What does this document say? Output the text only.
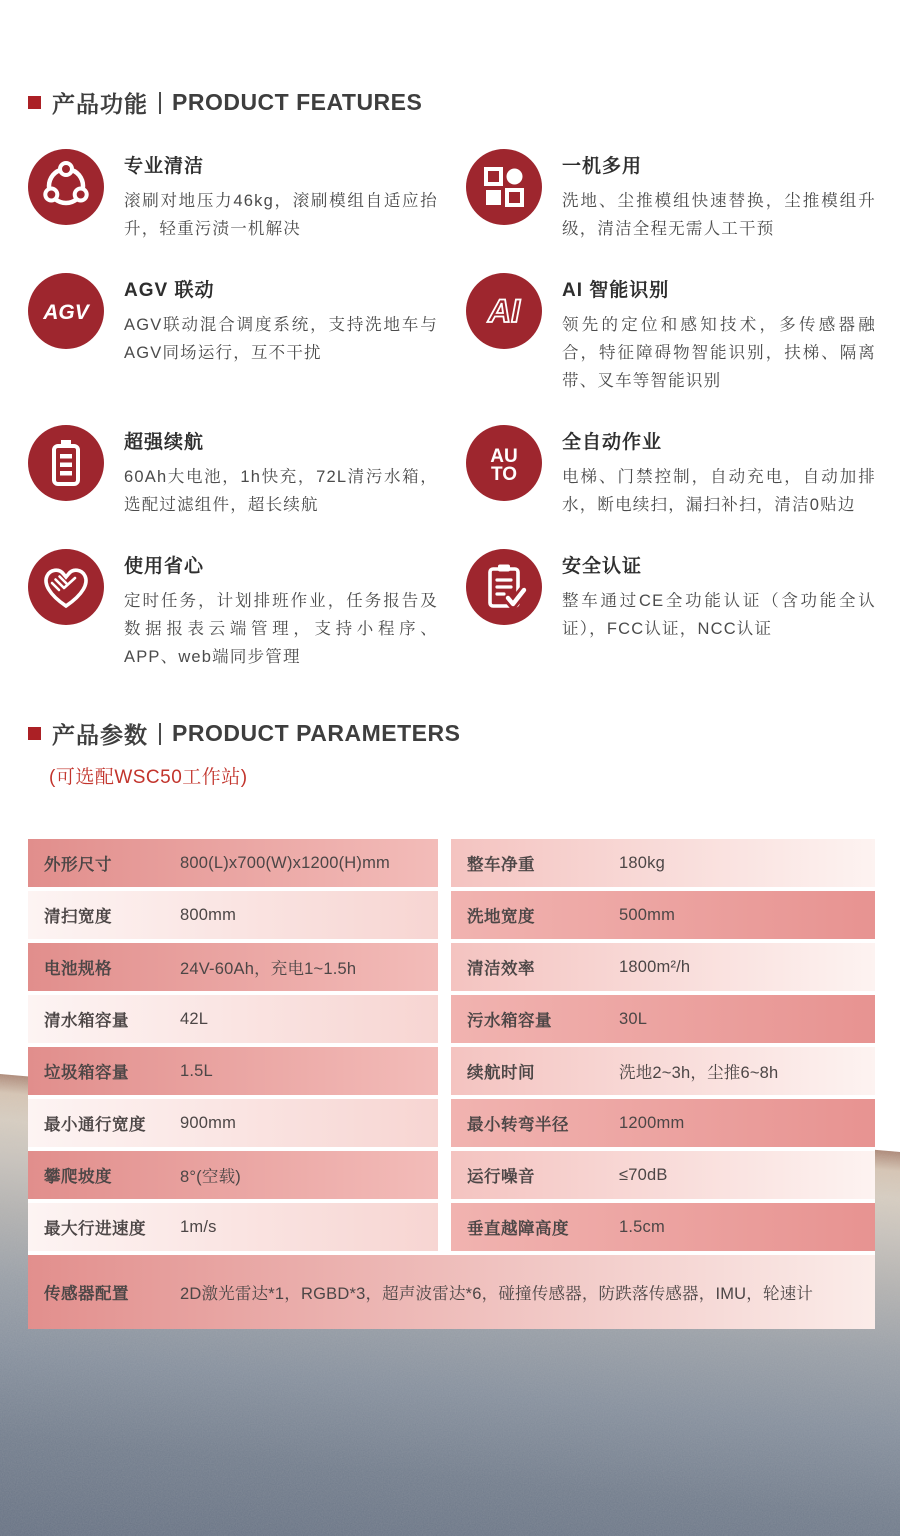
产品功能 PRODUCT FEATURES
专业清洁

滚刷对地压力46kg，滚刷模组自适应抬升，轻重污渍一机解决

一机多用

洗地、尘推模组快速替换，尘推模组升级，清洁全程无需人工干预

AGV
AGV 联动

AGV联动混合调度系统，支持洗地车与AGV同场运行，互不干扰

AI
AI 智能识别

领先的定位和感知技术，多传感器融合，特征障碍物智能识别，扶梯、隔离带、叉车等智能识别

超强续航

60Ah大电池，1h快充，72L清污水箱，选配过滤组件，超长续航

AU
TO
全自动作业

电梯、门禁控制，自动充电，自动加排水，断电续扫，漏扫补扫，清洁0贴边

使用省心

定时任务，计划排班作业，任务报告及数据报表云端管理，支持小程序、APP、web端同步管理

安全认证

整车通过CE全功能认证（含功能全认证），FCC认证，NCC认证

产品参数 PRODUCT PARAMETERS

(可选配WSC50工作站)

外形尺寸	800(L)x700(W)x1200(H)mm	整车净重	180kg
清扫宽度	800mm	洗地宽度	500mm
电池规格	24V-60Ah，充电1~1.5h	清洁效率	1800m²/h
清水箱容量	42L	污水箱容量	30L
垃圾箱容量	1.5L	续航时间	洗地2~3h，尘推6~8h
最小通行宽度	900mm	最小转弯半径	1200mm
攀爬坡度	8°(空载)	运行噪音	≤70dB
最大行进速度	1m/s	垂直越障高度	1.5cm
传感器配置	2D激光雷达*1，RGBD*3，超声波雷达*6，碰撞传感器，防跌落传感器，IMU，轮速计
